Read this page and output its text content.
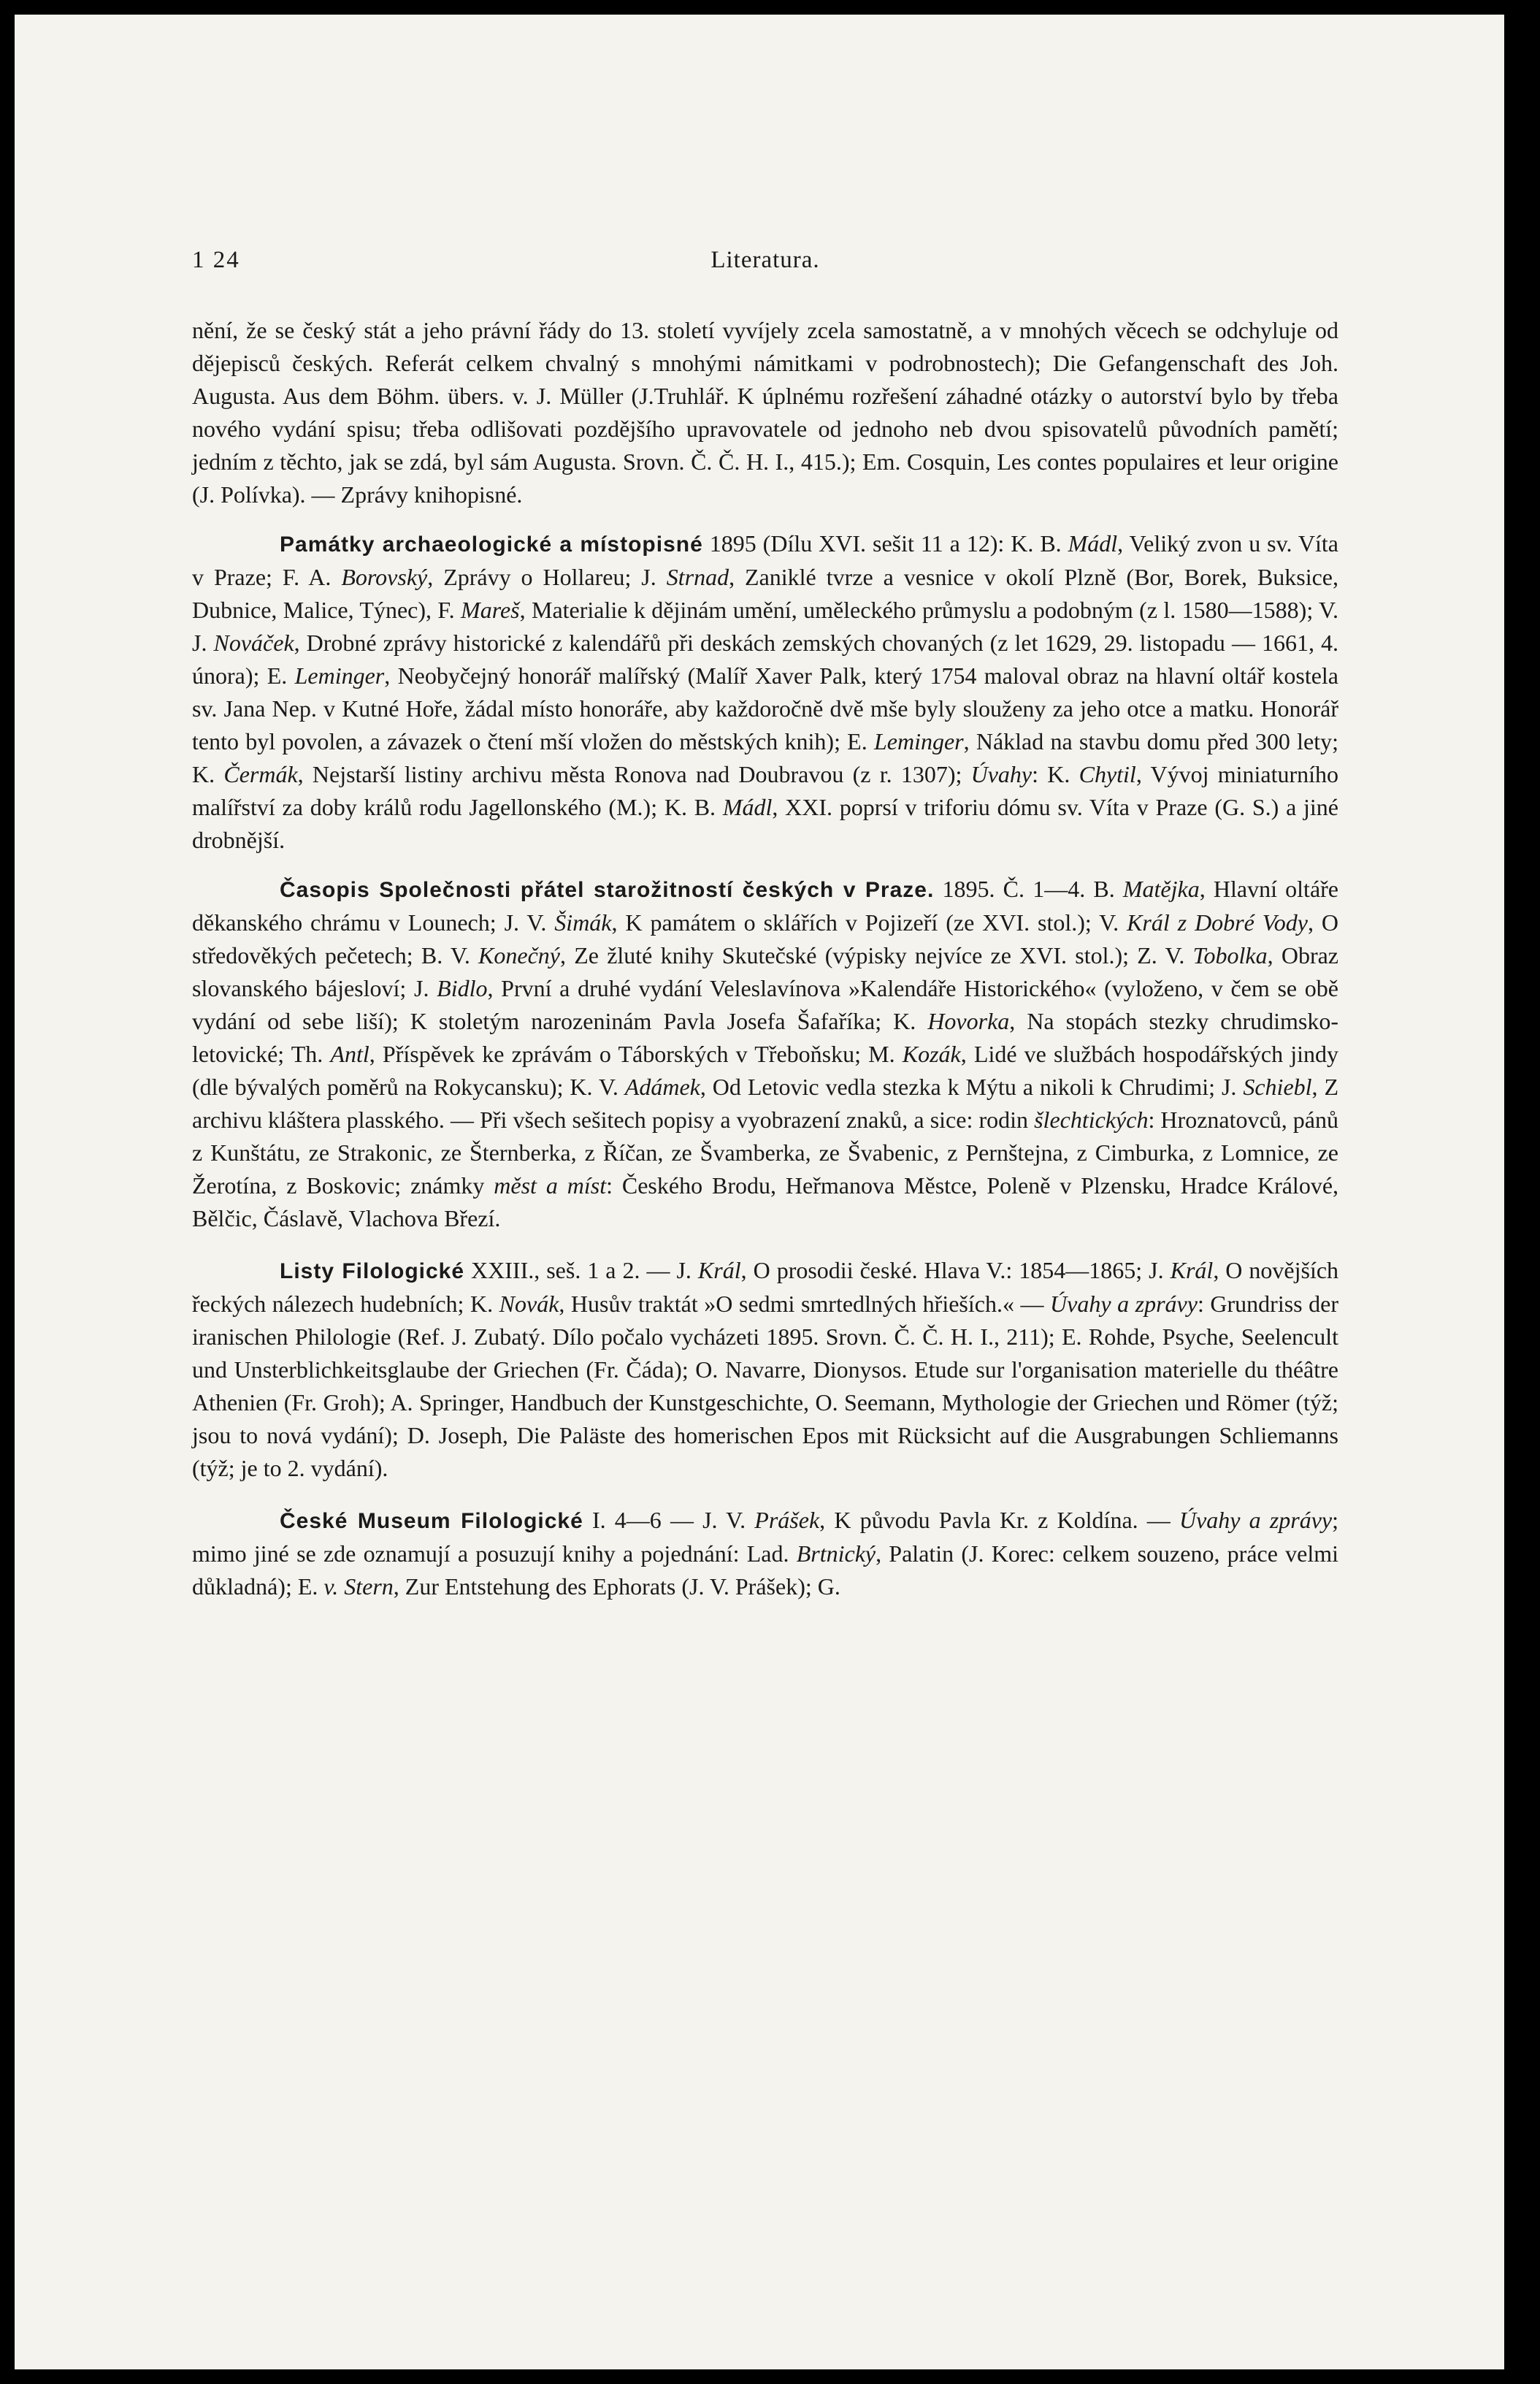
1 24	Literatura.

nění, že se český stát a jeho právní řády do 13. století vyvíjely zcela samostatně, a v mnohých věcech se odchyluje od dějepisců českých. Referát celkem chvalný s mnohými námitkami v podrobnostech); Die Gefangenschaft des Joh. Augusta. Aus dem Böhm. übers. v. J. Müller (J.Truhlář. K úplnému rozřešení záhadné otázky o autorství bylo by třeba nového vydání spisu; třeba odlišovati pozdějšího upravovatele od jednoho neb dvou spisovatelů původních pamětí; jedním z těchto, jak se zdá, byl sám Augusta. Srovn. Č. Č. H. I., 415.); Em. Cosquin, Les contes populaires et leur origine (J. Polívka). — Zprávy knihopisné.

Památky archaeologické a místopisné 1895 (Dílu XVI. sešit 11 a 12): K. B. Mádl, Veliký zvon u sv. Víta v Praze; F. A. Borovský, Zprávy o Hollareu; J. Strnad, Zaniklé tvrze a vesnice v okolí Plzně (Bor, Borek, Buksice, Dubnice, Malice, Týnec), F. Mareš, Materialie k dějinám umění, uměleckého průmyslu a podobným (z l. 1580—1588); V. J. Nováček, Drobné zprávy historické z kalendářů při deskách zemských chovaných (z let 1629, 29. listopadu — 1661, 4. února); E. Leminger, Neobyčejný honorář malířský (Malíř Xaver Palk, který 1754 maloval obraz na hlavní oltář kostela sv. Jana Nep. v Kutné Hoře, žádal místo honoráře, aby každoročně dvě mše byly slouženy za jeho otce a matku. Honorář tento byl povolen, a závazek o čtení mší vložen do městských knih); E. Leminger, Náklad na stavbu domu před 300 lety; K. Čermák, Nejstarší listiny archivu města Ronova nad Doubravou (z r. 1307); Úvahy: K. Chytil, Vývoj miniaturního malířství za doby králů rodu Jagellonského (M.); K. B. Mádl, XXI. poprsí v triforiu dómu sv. Víta v Praze (G. S.) a jiné drobnější.

Časopis Společnosti přátel starožitností českých v Praze. 1895. Č. 1—4. B. Matějka, Hlavní oltáře děkanského chrámu v Lounech; J. V. Šimák, K památem o sklářích v Pojizeří (ze XVI. stol.); V. Král z Dobré Vody, O středověkých pečetech; B. V. Konečný, Ze žluté knihy Skutečské (výpisky nejvíce ze XVI. stol.); Z. V. Tobolka, Obraz slovanského bájesloví; J. Bidlo, První a druhé vydání Veleslavínova »Kalendáře Historického« (vyloženo, v čem se obě vydání od sebe liší); K stoletým narozeninám Pavla Josefa Šafaříka; K. Hovorka, Na stopách stezky chrudimsko-letovické; Th. Antl, Příspěvek ke zprávám o Táborských v Třeboňsku; M. Kozák, Lidé ve službách hospodářských jindy (dle bývalých poměrů na Rokycansku); K. V. Adámek, Od Letovic vedla stezka k Mýtu a nikoli k Chrudimi; J. Schiebl, Z archivu kláštera plasského. — Při všech sešitech popisy a vyobrazení znaků, a sice: rodin šlechtických: Hroznatovců, pánů z Kunštátu, ze Strakonic, ze Šternberka, z Říčan, ze Švamberka, ze Švabenic, z Pernštejna, z Cimburka, z Lomnice, ze Žerotína, z Boskovic; známky měst a míst: Českého Brodu, Heřmanova Městce, Poleně v Plzensku, Hradce Králové, Bělčic, Čáslavě, Vlachova Březí.

Listy Filologické XXIII., seš. 1 a 2. — J. Král, O prosodii české. Hlava V.: 1854—1865; J. Král, O novějších řeckých nálezech hudebních; K. Novák, Husův traktát »O sedmi smrtedlných hřieších.« — Úvahy a zprávy: Grundriss der iranischen Philologie (Ref. J. Zubatý. Dílo počalo vycházeti 1895. Srovn. Č. Č. H. I., 211); E. Rohde, Psyche, Seelencult und Unsterblichkeitsglaube der Griechen (Fr. Čáda); O. Navarre, Dionysos. Etude sur l'organisation materielle du théâtre Athenien (Fr. Groh); A. Springer, Handbuch der Kunstgeschichte, O. Seemann, Mythologie der Griechen und Römer (týž; jsou to nová vydání); D. Joseph, Die Paläste des homerischen Epos mit Rücksicht auf die Ausgrabungen Schliemanns (týž; je to 2. vydání).

České Museum Filologické I. 4—6 — J. V. Prášek, K původu Pavla Kr. z Koldína. — Úvahy a zprávy; mimo jiné se zde oznamují a posuzují knihy a pojednání: Lad. Brtnický, Palatin (J. Korec: celkem souzeno, práce velmi důkladná); E. v. Stern, Zur Entstehung des Ephorats (J. V. Prášek); G.
